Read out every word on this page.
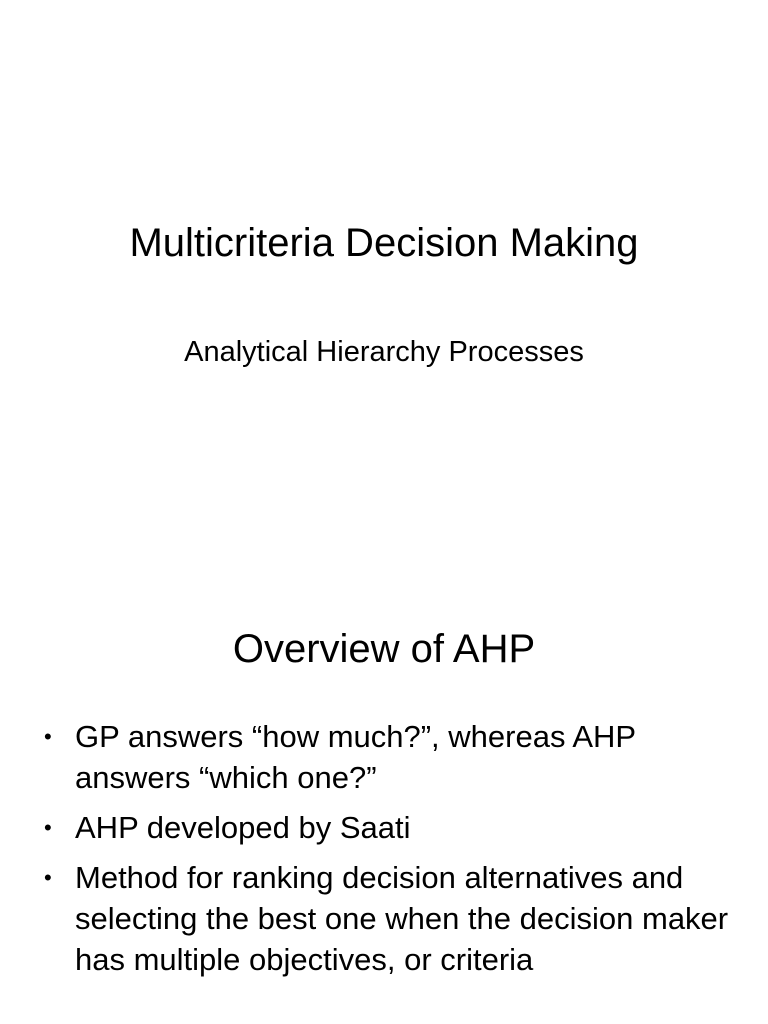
Multicriteria Decision Making
Analytical Hierarchy Processes
Overview of AHP
• GP answers “how much?”, whereas AHP answers “which one?”
• AHP developed by Saati
• Method for ranking decision alternatives and selecting the best one when the decision maker has multiple objectives, or criteria
